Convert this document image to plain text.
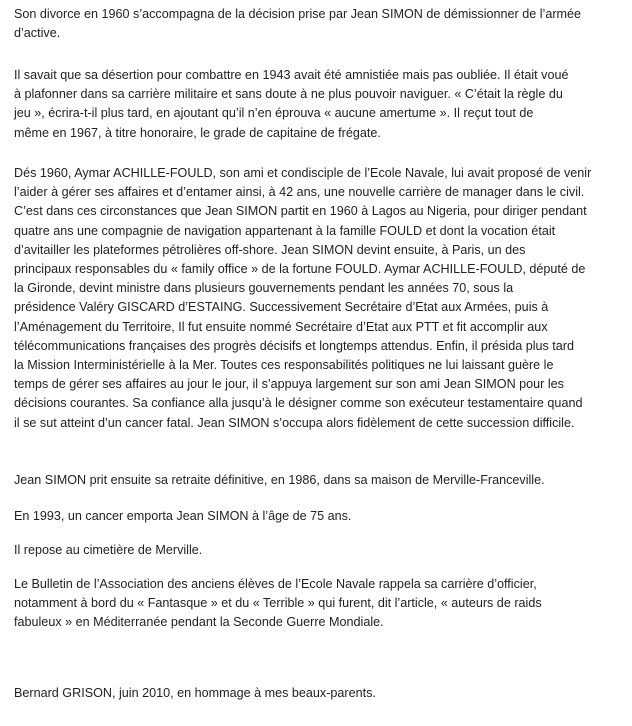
Son divorce en 1960 s’accompagna de la décision prise par Jean SIMON de démissionner de l’armée
d’active.
Il savait que sa désertion pour combattre en 1943 avait été amnistiée mais pas oubliée. Il était voué
à plafonner dans sa carrière militaire et sans doute à ne plus pouvoir naviguer. « C’était la règle du
jeu », écrira-t-il plus tard, en ajoutant qu’il n’en éprouva « aucune amertume ». Il reçut tout de
même en 1967, à titre honoraire, le grade de capitaine de frégate.
Dés 1960, Aymar ACHILLE-FOULD, son ami et condisciple de l’Ecole Navale, lui avait proposé de venir
l’aider à gérer ses affaires et d’entamer ainsi, à 42 ans, une nouvelle carrière de manager dans le civil.
C’est dans ces circonstances que Jean SIMON partit en 1960 à Lagos au Nigeria, pour diriger pendant
quatre ans une compagnie de navigation appartenant à la famille FOULD et dont la vocation était
d’avitailler les plateformes pétrolières off-shore. Jean SIMON devint ensuite, à Paris, un des
principaux responsables du « family office » de la fortune FOULD. Aymar ACHILLE-FOULD, député de
la Gironde, devint ministre dans plusieurs gouvernements pendant les années 70, sous la
présidence Valéry GISCARD d’ESTAING. Successivement Secrétaire d’Etat aux Armées, puis à
l’Aménagement du Territoire, Il fut ensuite nommé Secrétaire d’Etat aux PTT et fit accomplir aux
télécommunications françaises des progrès décisifs et longtemps attendus. Enfin, il présida plus tard
la Mission Interministérielle à la Mer. Toutes ces responsabilités politiques ne lui laissant guère le
temps de gérer ses affaires au jour le jour, il s’appuya largement sur son ami Jean SIMON pour les
décisions courantes. Sa confiance alla jusqu’à le désigner comme son exécuteur testamentaire quand
il se sut atteint d’un cancer fatal. Jean SIMON s’occupa alors fidèlement de cette succession difficile.
Jean SIMON prit ensuite sa retraite définitive, en 1986, dans sa maison de Merville-Franceville.
En 1993, un cancer emporta Jean SIMON à l’âge de 75 ans.
Il repose au cimetière de Merville.
Le Bulletin de l’Association des anciens élèves de l’Ecole Navale rappela sa carrière d’officier,
notamment à bord du « Fantasque » et du « Terrible » qui furent, dit l’article, « auteurs de raids
fabuleux » en Méditerranée pendant la Seconde Guerre Mondiale.
Bernard GRISON, juin 2010, en hommage à mes beaux-parents.
